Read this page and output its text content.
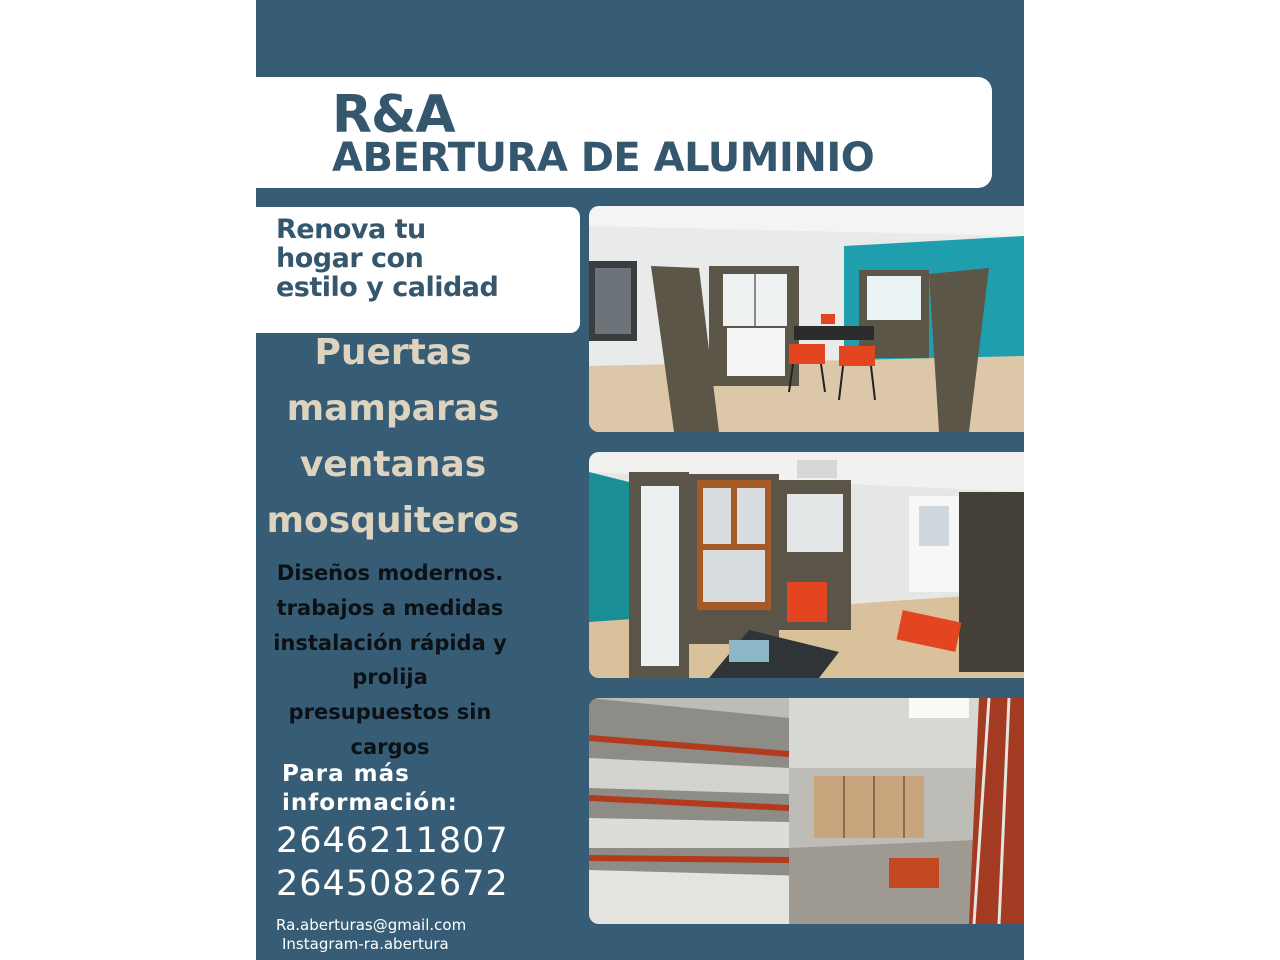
R&A
ABERTURA DE ALUMINIO

Renova tu

hogar con

estilo y calidad

Puertas

mamparas

ventanas

mosquiteros

Diseños modernos.

trabajos a medidas

instalación rápida y

prolija

presupuestos sin

cargos

Para más

información:

2646211807

2645082672

Ra.aberturas@gmail.com

Instagram-ra.abertura
